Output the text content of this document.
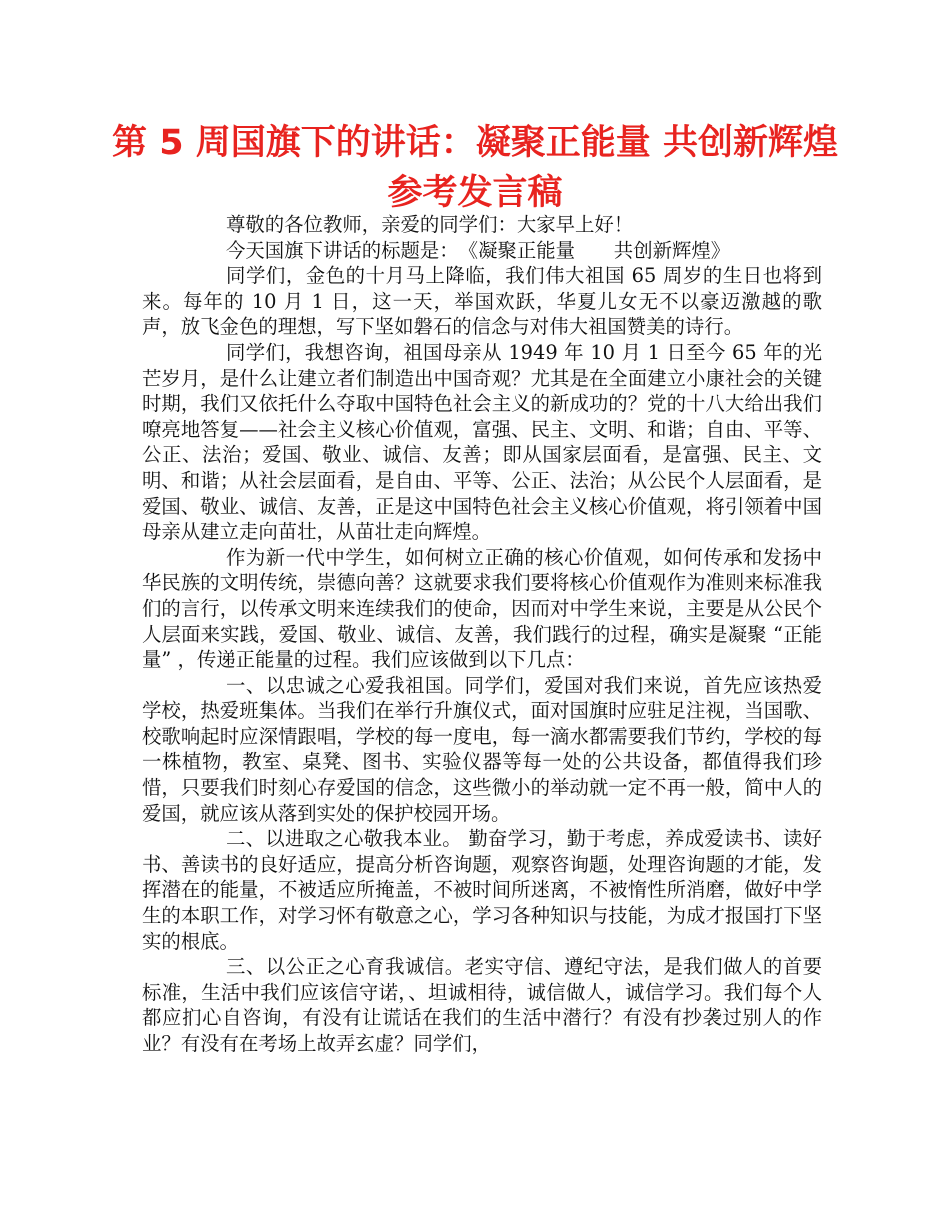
第 5 周国旗下的讲话：凝聚正能量 共创新辉煌参考发言稿

尊敬的各位教师，亲爱的同学们：大家早上好！

今天国旗下讲话的标题是：　《凝聚正能量　　共创新辉煌》

同学们，金色的十月马上降临，我们伟大祖国 65 周岁的生日也将到来。每年的 10 月 1 日，这一天，举国欢跃，华夏儿女无不以豪迈激越的歌声，放飞金色的理想，写下坚如磐石的信念与对伟大祖国赞美的诗行。

同学们，我想咨询，祖国母亲从 1949 年 10 月 1 日至今 65 年的光芒岁月，是什么让建立者们制造出中国奇观？尤其是在全面建立小康社会的关键时期，我们又依托什么夺取中国特色社会主义的新成功的？党的十八大给出我们嘹亮地答复——社会主义核心价值观，富强、民主、文明、和谐；自由、平等、公正、法治；爱国、敬业、诚信、友善；即从国家层面看，是富强、民主、文明、和谐；从社会层面看，是自由、平等、公正、法治；从公民个人层面看，是爱国、敬业、诚信、友善，正是这中国特色社会主义核心价值观，将引领着中国母亲从建立走向苗壮，从苗壮走向辉煌。

作为新一代中学生，如何树立正确的核心价值观，如何传承和发扬中华民族的文明传统，崇德向善？这就要求我们要将核心价值观作为准则来标准我们的言行，以传承文明来连续我们的使命，因而对中学生来说，主要是从公民个人层面来实践，爱国、敬业、诚信、友善，我们践行的过程，确实是凝聚 “正能量” ，传递正能量的过程。我们应该做到以下几点：

一、以忠诚之心爱我祖国。同学们，爱国对我们来说，首先应该热爱学校，热爱班集体。当我们在举行升旗仪式，面对国旗时应驻足注视，当国歌、校歌响起时应深情跟唱，学校的每一度电，每一滴水都需要我们节约，学校的每一株植物，教室、桌凳、图书、实验仪器等每一处的公共设备，都值得我们珍惜，只要我们时刻心存爱国的信念，这些微小的举动就一定不再一般，简中人的爱国，就应该从落到实处的保护校园开场。

二、以进取之心敬我本业。 勤奋学习，勤于考虑，养成爱读书、读好书、善读书的良好适应，提高分析咨询题，观察咨询题，处理咨询题的才能，发挥潜在的能量，不被适应所掩盖，不被时间所迷离，不被惰性所消磨，做好中学生的本职工作，对学习怀有敬意之心，学习各种知识与技能，为成才报国打下坚实的根底。

三、以公正之心育我诚信。老实守信、遵纪守法，是我们做人的首要标准，生活中我们应该信守诺，、坦诚相待，诚信做人，诚信学习。我们每个人都应扪心自咨询，有没有让谎话在我们的生活中潜行？有没有抄袭过别人的作业？有没有在考场上故弄玄虚？同学们，
